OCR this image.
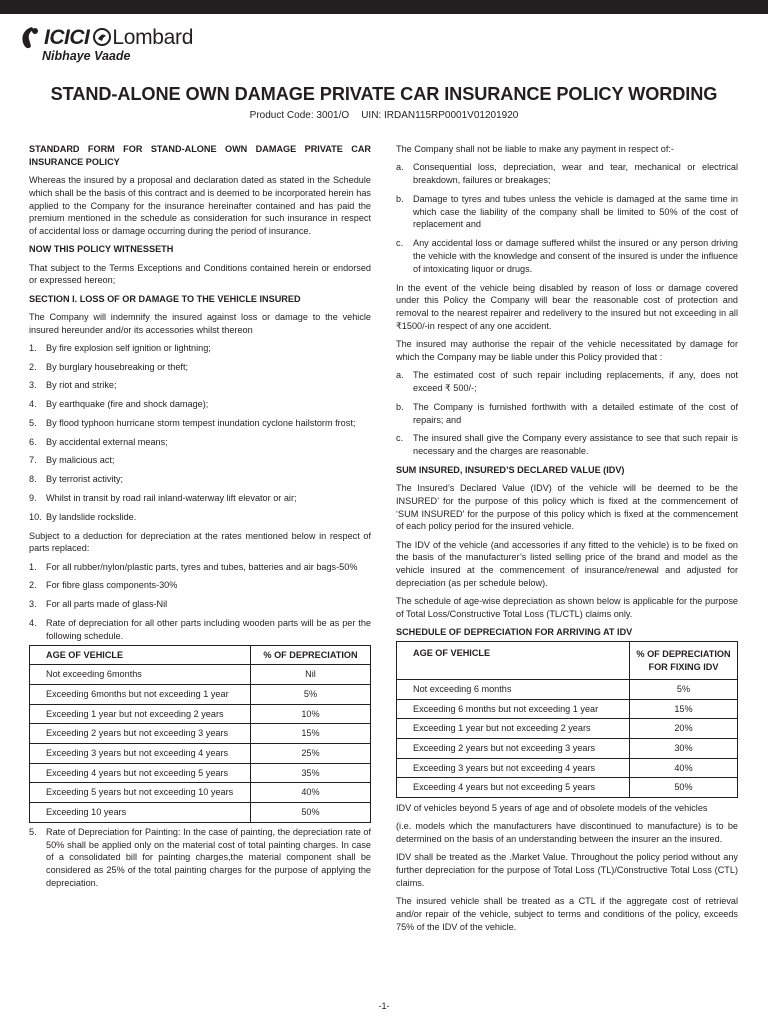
ICICI Lombard
Nibhaye Vaade
STAND-ALONE OWN DAMAGE PRIVATE CAR INSURANCE POLICY WORDING
Product Code: 3001/O UIN: IRDAN115RP0001V01201920

STANDARD FORM FOR STAND-ALONE OWN DAMAGE PRIVATE CAR INSURANCE POLICY

Whereas the insured by a proposal and declaration dated as stated in the Schedule which shall be the basis of this contract and is deemed to be incorporated herein has applied to the Company for the insurance hereinafter contained and has paid the premium mentioned in the schedule as consideration for such insurance in respect of accidental loss or damage occurring during the period of insurance.

NOW THIS POLICY WITNESSETH

That subject to the Terms Exceptions and Conditions contained herein or endorsed or expressed hereon;

SECTION I. LOSS OF OR DAMAGE TO THE VEHICLE INSURED

The Company will indemnify the insured against loss or damage to the vehicle insured hereunder and/or its accessories whilst thereon

1. By fire explosion self ignition or lightning;
2. By burglary housebreaking or theft;
3. By riot and strike;
4. By earthquake (fire and shock damage);
5. By flood typhoon hurricane storm tempest inundation cyclone hailstorm frost;
6. By accidental external means;
7. By malicious act;
8. By terrorist activity;
9. Whilst in transit by road rail inland-waterway lift elevator or air;
10. By landslide rockslide.

Subject to a deduction for depreciation at the rates mentioned below in respect of parts replaced:

1. For all rubber/nylon/plastic parts, tyres and tubes, batteries and air bags-50%
2. For fibre glass components-30%
3. For all parts made of glass-Nil
4. Rate of depreciation for all other parts including wooden parts will be as per the following schedule.
AGE OF VEHICLE	% OF DEPRECIATION
Not exceeding 6months	Nil
Exceeding 6months but not exceeding 1 year	5%
Exceeding 1 year but not exceeding 2 years	10%
Exceeding 2 years but not exceeding 3 years	15%
Exceeding 3 years but not exceeding 4 years	25%
Exceeding 4 years but not exceeding 5 years	35%
Exceeding 5 years but not exceeding 10 years	40%
Exceeding 10 years	50%
5. Rate of Depreciation for Painting: In the case of painting, the depreciation rate of 50% shall be applied only on the material cost of total painting charges. In case of a consolidated bill for painting charges,the material component shall be considered as 25% of the total painting charges for the purpose of applying the depreciation.

The Company shall not be liable to make any payment in respect of:-

a. Consequential loss, depreciation, wear and tear, mechanical or electrical breakdown, failures or breakages;
b. Damage to tyres and tubes unless the vehicle is damaged at the same time in which case the liability of the company shall be limited to 50% of the cost of replacement and
c. Any accidental loss or damage suffered whilst the insured or any person driving the vehicle with the knowledge and consent of the insured is under the influence of intoxicating liquor or drugs.

In the event of the vehicle being disabled by reason of loss or damage covered under this Policy the Company will bear the reasonable cost of protection and removal to the nearest repairer and redelivery to the insured but not exceeding in all ₹1500/-in respect of any one accident.

The insured may authorise the repair of the vehicle necessitated by damage for which the Company may be liable under this Policy provided that :

a. The estimated cost of such repair including replacements, if any, does not exceed ₹ 500/-;
b. The Company is furnished forthwith with a detailed estimate of the cost of repairs; and
c. The insured shall give the Company every assistance to see that such repair is necessary and the charges are reasonable.

SUM INSURED, INSURED’S DECLARED VALUE (IDV)

The Insured’s Declared Value (IDV) of the vehicle will be deemed to be the INSURED’ for the purpose of this policy which is fixed at the commencement of ‘SUM INSURED’ for the purpose of this policy which is fixed at the commencement of each policy period for the insured vehicle.

The IDV of the vehicle (and accessories if any fitted to the vehicle) is to be fixed on the basis of the manufacturer’s listed selling price of the brand and model as the vehicle insured at the commencement of insurance/renewal and adjusted for depreciation (as per schedule below).

The schedule of age-wise depreciation as shown below is applicable for the purpose of Total Loss/Constructive Total Loss (TL/CTL) claims only.

SCHEDULE OF DEPRECIATION FOR ARRIVING AT IDV

AGE OF VEHICLE	% OF DEPRECIATION
FOR FIXING IDV
Not exceeding 6 months	5%
Exceeding 6 months but not exceeding 1 year	15%
Exceeding 1 year but not exceeding 2 years	20%
Exceeding 2 years but not exceeding 3 years	30%
Exceeding 3 years but not exceeding 4 years	40%
Exceeding 4 years but not exceeding 5 years	50%

IDV of vehicles beyond 5 years of age and of obsolete models of the vehicles

(i.e. models which the manufacturers have discontinued to manufacture) is to be determined on the basis of an understanding between the insurer an the insured.

IDV shall be treated as the .Market Value. Throughout the policy period without any further depreciation for the purpose of Total Loss (TL)/Constructive Total Loss (CTL) claims.

The insured vehicle shall be treated as a CTL if the aggregate cost of retrieval and/or repair of the vehicle, subject to terms and conditions of the policy, exceeds 75% of the IDV of the vehicle.

-1-
